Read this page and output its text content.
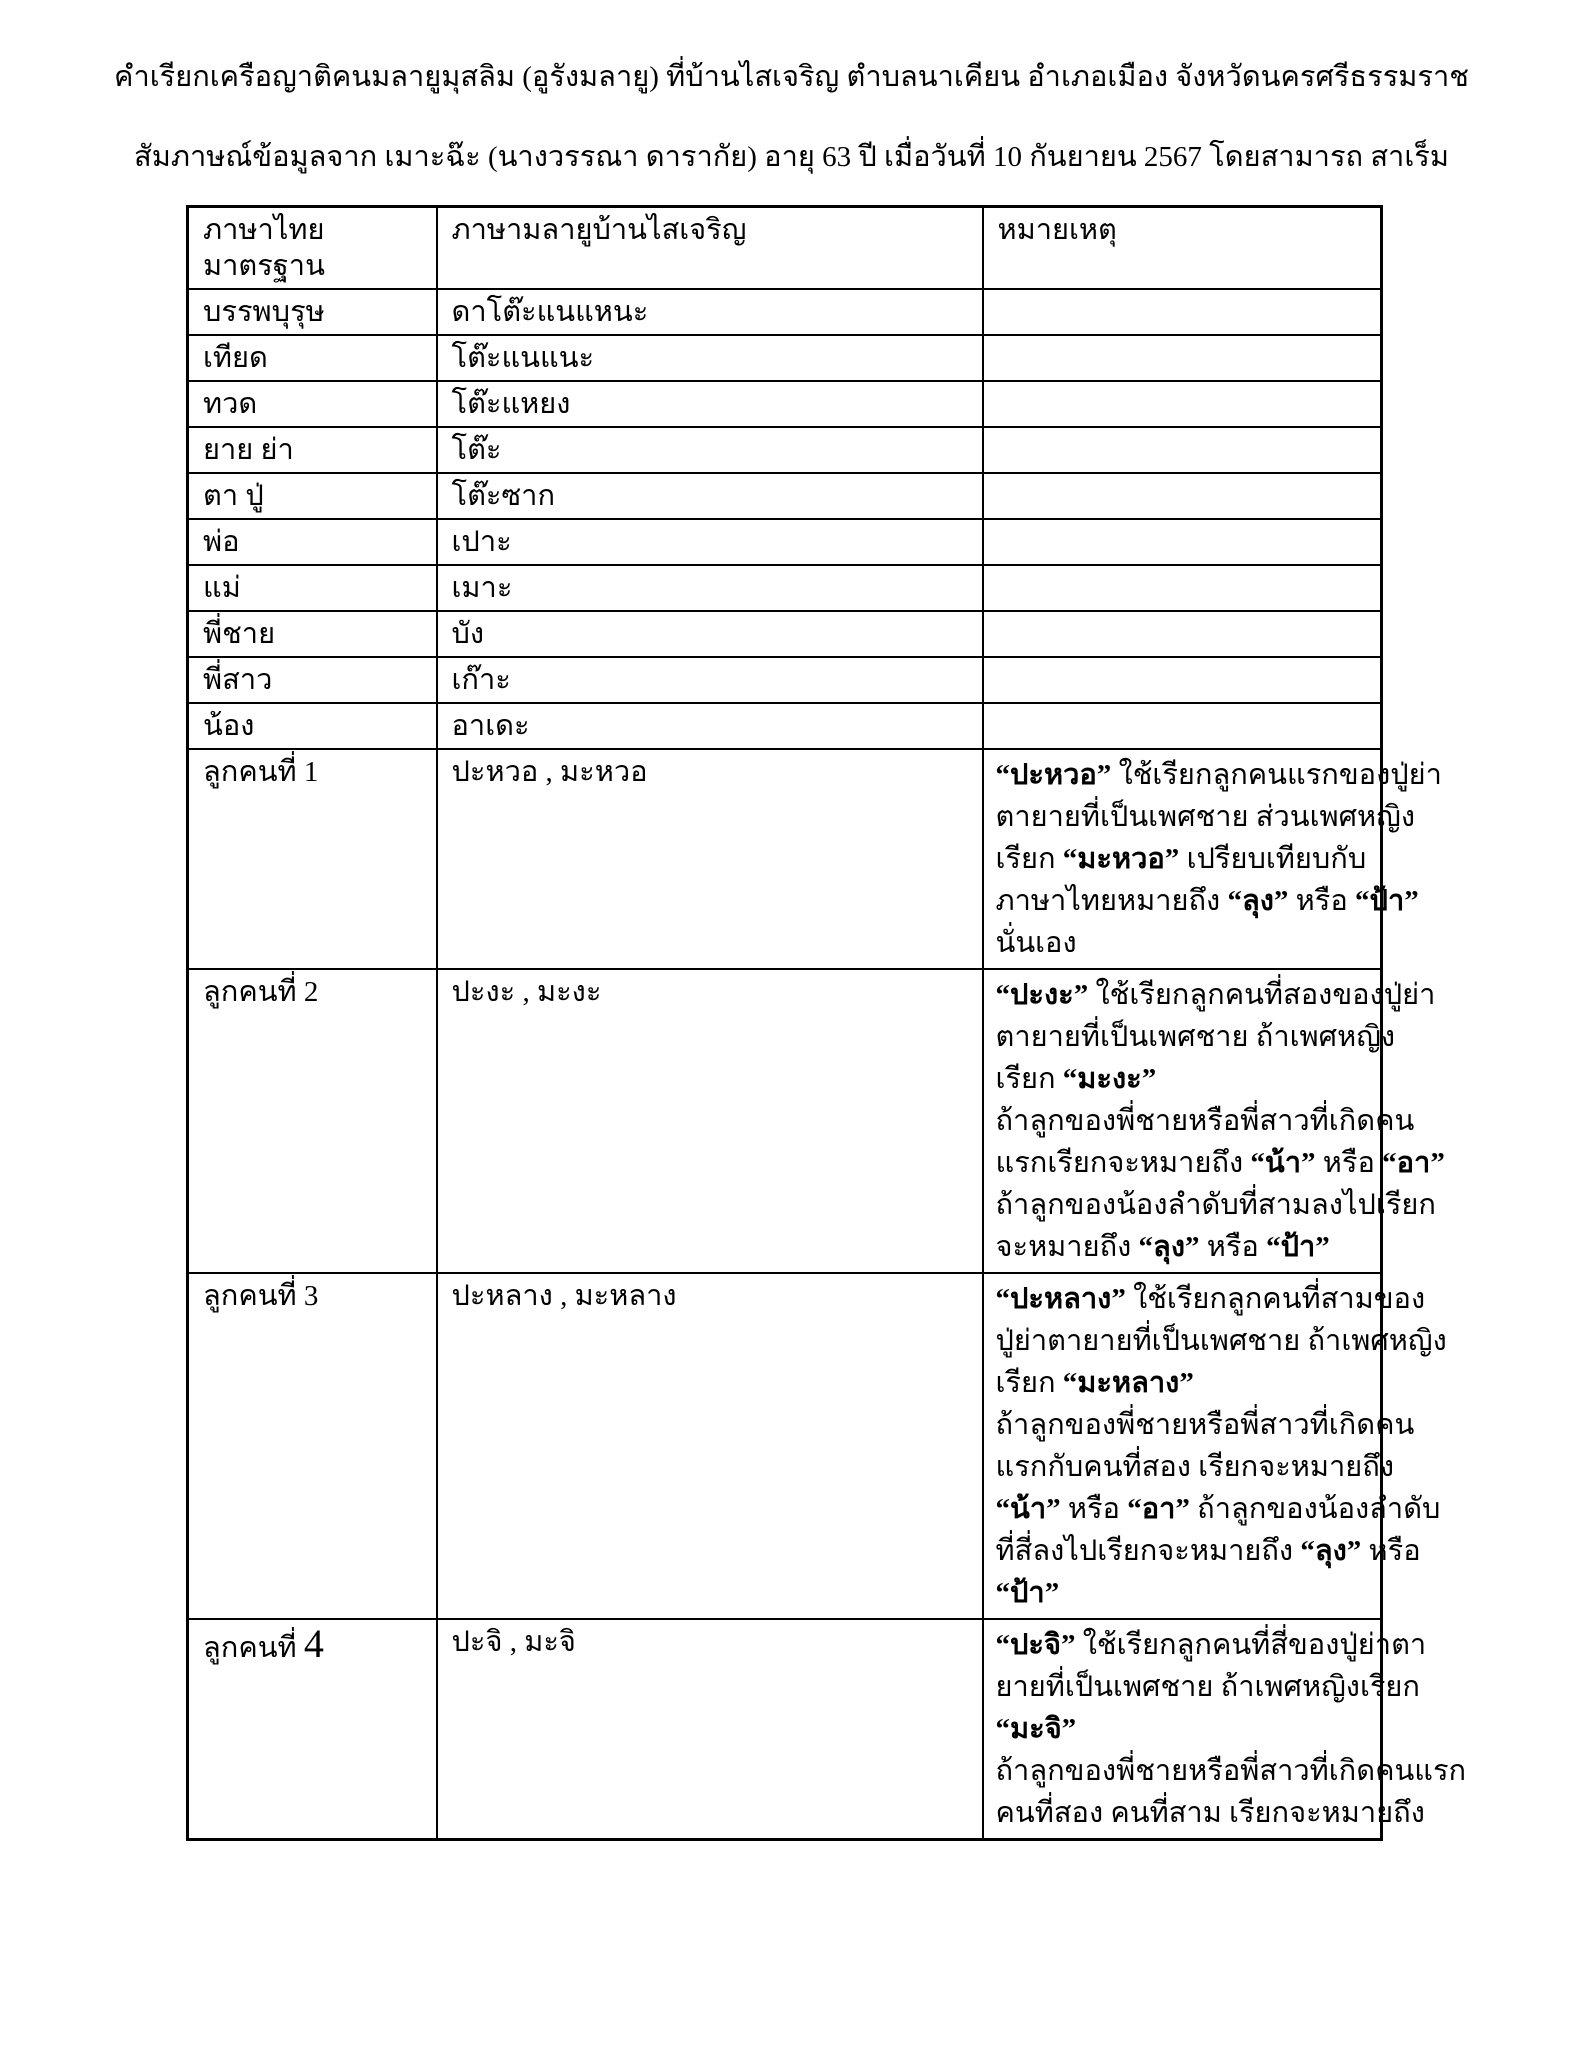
คำเรียกเครือญาติคนมลายูมุสลิม (อูรังมลายู) ที่บ้านไสเจริญ ตำบลนาเคียน อำเภอเมือง จังหวัดนครศรีธรรมราช
สัมภาษณ์ข้อมูลจาก เมาะฉ๊ะ (นางวรรณา ดารากัย) อายุ 63 ปี เมื่อวันที่ 10 กันยายน 2567 โดยสามารถ สาเร็ม
ภาษาไทยมาตรฐาน	ภาษามลายูบ้านไสเจริญ	หมายเหตุ
บรรพบุรุษ	ดาโต๊ะแนแหนะ	
เทียด	โต๊ะแนแนะ	
ทวด	โต๊ะแหยง	
ยาย ย่า	โต๊ะ	
ตา ปู่	โต๊ะซาก	
พ่อ	เปาะ	
แม่	เมาะ	
พี่ชาย	บัง	
พี่สาว	เก๊าะ	
น้อง	อาเดะ	
ลูกคนที่ 1	ปะหวอ , มะหวอ	“ปะหวอ” ใช้เรียกลูกคนแรกของปู่ย่า
ตายายที่เป็นเพศชาย ส่วนเพศหญิง
เรียก “มะหวอ” เปรียบเทียบกับ
ภาษาไทยหมายถึง “ลุง” หรือ “ป้า”
นั่นเอง

ลูกคนที่ 2	ปะงะ , มะงะ	“ปะงะ” ใช้เรียกลูกคนที่สองของปู่ย่า
ตายายที่เป็นเพศชาย ถ้าเพศหญิง
เรียก “มะงะ”
ถ้าลูกของพี่ชายหรือพี่สาวที่เกิดคน
แรกเรียกจะหมายถึง “น้า” หรือ “อา”
ถ้าลูกของน้องลำดับที่สามลงไปเรียก
จะหมายถึง “ลุง” หรือ “ป้า”

ลูกคนที่ 3	ปะหลาง , มะหลาง	“ปะหลาง” ใช้เรียกลูกคนที่สามของ
ปู่ย่าตายายที่เป็นเพศชาย ถ้าเพศหญิง
เรียก “มะหลาง”
ถ้าลูกของพี่ชายหรือพี่สาวที่เกิดคน
แรกกับคนที่สอง เรียกจะหมายถึง
“น้า” หรือ “อา” ถ้าลูกของน้องลำดับ
ที่สี่ลงไปเรียกจะหมายถึง “ลุง” หรือ
“ป้า”

ลูกคนที่ 4	ปะจิ , มะจิ	“ปะจิ” ใช้เรียกลูกคนที่สี่ของปู่ย่าตา
ยายที่เป็นเพศชาย ถ้าเพศหญิงเรียก
“มะจิ”
ถ้าลูกของพี่ชายหรือพี่สาวที่เกิดคนแรก
คนที่สอง คนที่สาม เรียกจะหมายถึง
